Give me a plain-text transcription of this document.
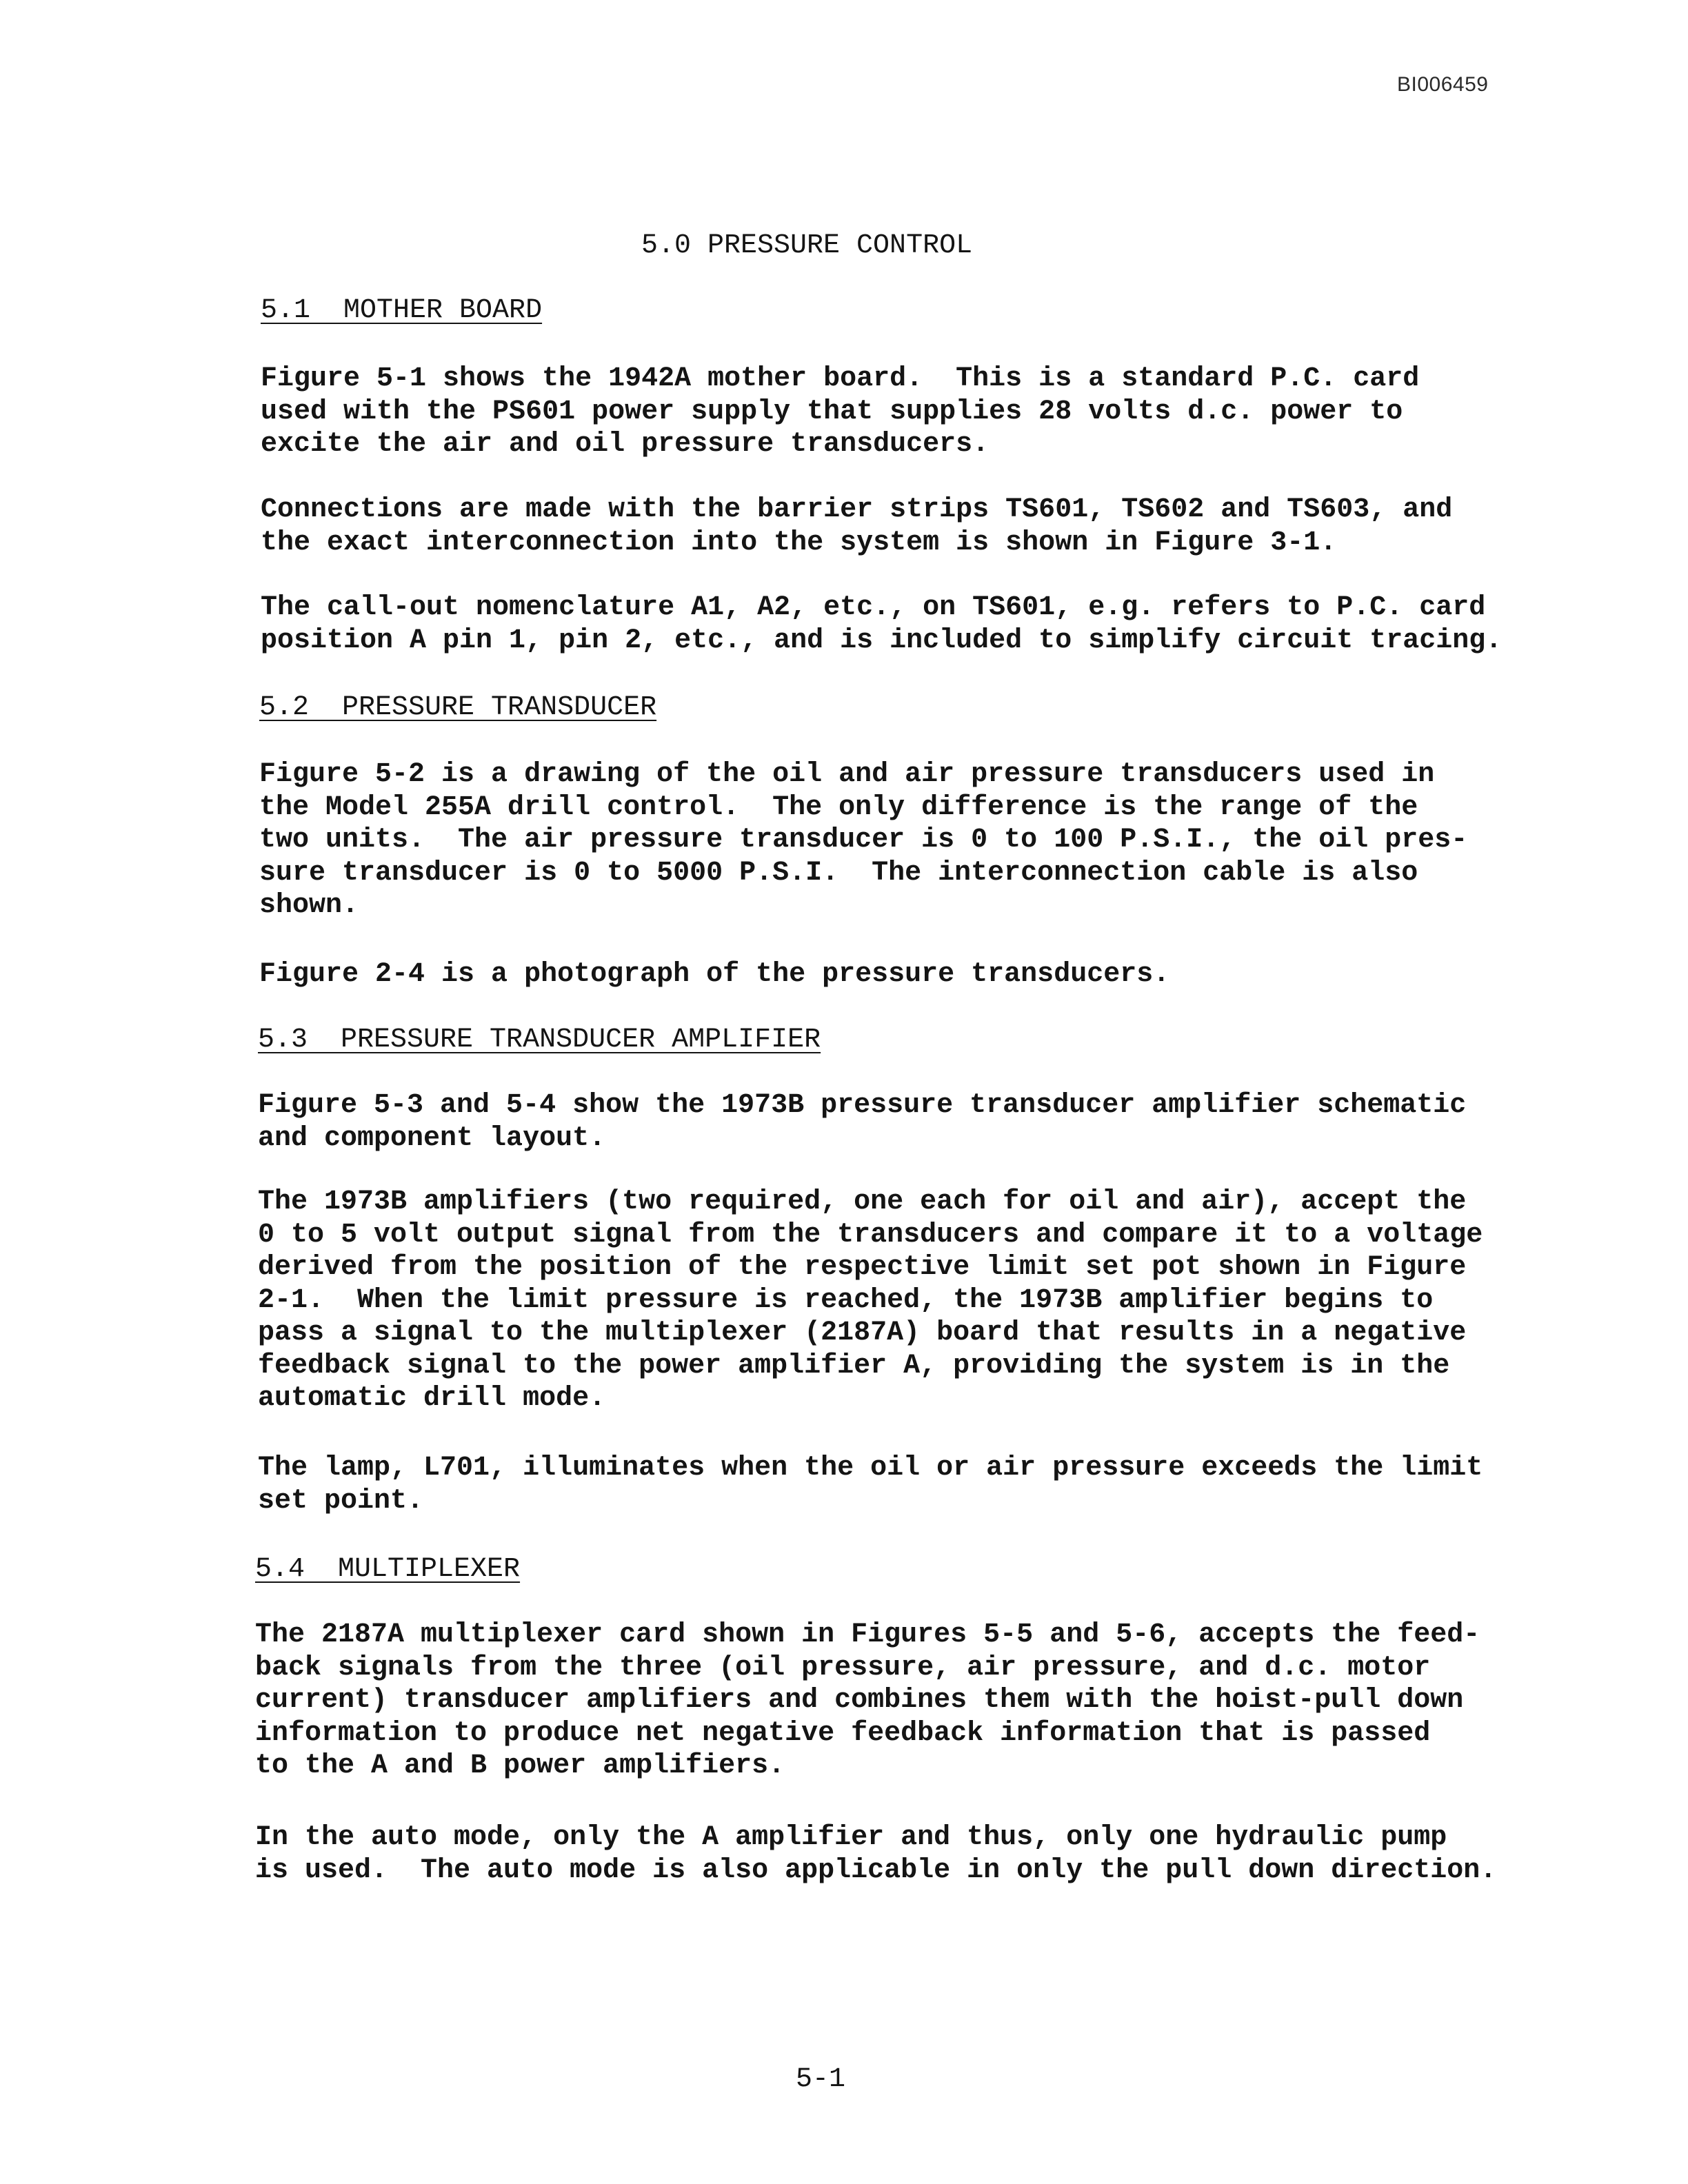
BI006459
5.0 PRESSURE CONTROL
5.1  MOTHER BOARD
Figure 5-1 shows the 1942A mother board.  This is a standard P.C. card
used with the PS601 power supply that supplies 28 volts d.c. power to
excite the air and oil pressure transducers.
Connections are made with the barrier strips TS601, TS602 and TS603, and
the exact interconnection into the system is shown in Figure 3-1.
The call-out nomenclature A1, A2, etc., on TS601, e.g. refers to P.C. card
position A pin 1, pin 2, etc., and is included to simplify circuit tracing.
5.2  PRESSURE TRANSDUCER
Figure 5-2 is a drawing of the oil and air pressure transducers used in
the Model 255A drill control.  The only difference is the range of the
two units.  The air pressure transducer is 0 to 100 P.S.I., the oil pres-
sure transducer is 0 to 5000 P.S.I.  The interconnection cable is also
shown.
Figure 2-4 is a photograph of the pressure transducers.
5.3  PRESSURE TRANSDUCER AMPLIFIER
Figure 5-3 and 5-4 show the 1973B pressure transducer amplifier schematic
and component layout.
The 1973B amplifiers (two required, one each for oil and air), accept the
0 to 5 volt output signal from the transducers and compare it to a voltage
derived from the position of the respective limit set pot shown in Figure
2-1.  When the limit pressure is reached, the 1973B amplifier begins to
pass a signal to the multiplexer (2187A) board that results in a negative
feedback signal to the power amplifier A, providing the system is in the
automatic drill mode.
The lamp, L701, illuminates when the oil or air pressure exceeds the limit
set point.
5.4  MULTIPLEXER
The 2187A multiplexer card shown in Figures 5-5 and 5-6, accepts the feed-
back signals from the three (oil pressure, air pressure, and d.c. motor
current) transducer amplifiers and combines them with the hoist-pull down
information to produce net negative feedback information that is passed
to the A and B power amplifiers.
In the auto mode, only the A amplifier and thus, only one hydraulic pump
is used.  The auto mode is also applicable in only the pull down direction.
5-1
